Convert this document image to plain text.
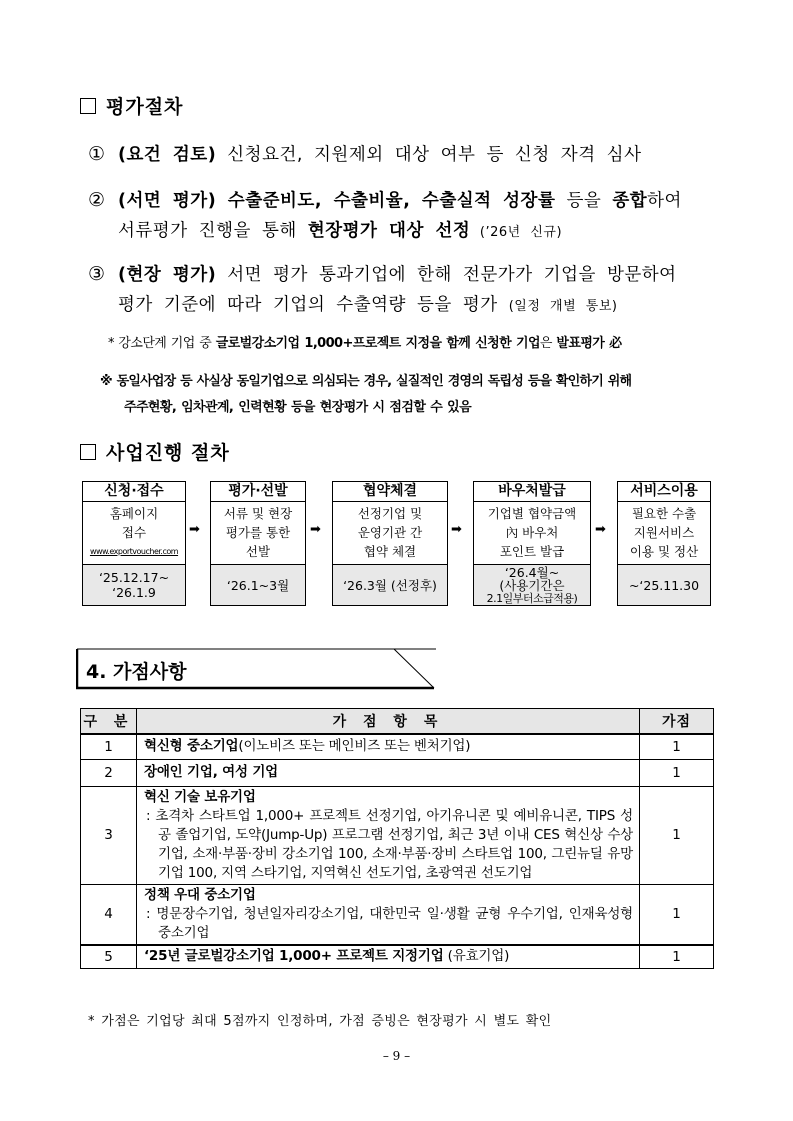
평가절차
① (요건 검토) 신청요건, 지원제외 대상 여부 등 신청 자격 심사
② (서면 평가) 수출준비도, 수출비율, 수출실적 성장률 등을 종합하여
서류평가 진행을 통해 현장평가 대상 선정 (’26년 신규)
③ (현장 평가) 서면 평가 통과기업에 한해 전문가가 기업을 방문하여
평가 기준에 따라 기업의 수출역량 등을 평가 (일정 개별 통보)
* 강소단계 기업 중 글로벌강소기업 1,000+프로젝트 지정을 함께 신청한 기업은 발표평가 必
※ 동일사업장 등 사실상 동일기업으로 의심되는 경우, 실질적인 경영의 독립성 등을 확인하기 위해
주주현황, 임차관계, 인력현황 등을 현장평가 시 점검할 수 있음
사업진행 절차
신청·접수
홈페이지
접수
www.exportvoucher.com
‘25.12.17~
‘26.1.9
➡
평가·선발
서류 및 현장
평가를 통한
선발
‘26.1~3월
➡
협약체결
선정기업 및
운영기관 간
협약 체결
‘26.3월 (선정후)
➡
바우처발급
기업별 협약금액
內 바우처
포인트 발급
‘26.4월~
(사용기간은
2.1일부터소급적용)
➡
서비스이용
필요한 수출
지원서비스
이용 및 정산
~‘25.11.30
4. 가점사항
구 분	가 점 항 목	가점
1	혁신형 중소기업(이노비즈 또는 메인비즈 또는 벤처기업)	1
2	장애인 기업, 여성 기업	1
3	혁신 기술 보유기업
: 초격차 스타트업 1,000+ 프로젝트 선정기업, 아기유니콘 및 예비유니콘, TIPS 성공 졸업기업, 도약(Jump-Up) 프로그램 선정기업, 최근 3년 이내 CES 혁신상 수상기업, 소재·부품·장비 강소기업 100, 소재·부품·장비 스타트업 100, 그린뉴딜 유망기업 100, 지역 스타기업, 지역혁신 선도기업, 초광역권 선도기업	1
4	정책 우대 중소기업
: 명문장수기업, 청년일자리강소기업, 대한민국 일·생활 균형 우수기업, 인재육성형 중소기업	1
5	‘25년 글로벌강소기업 1,000+ 프로젝트 지정기업 (유효기업)	1
* 가점은 기업당 최대 5점까지 인정하며, 가점 증빙은 현장평가 시 별도 확인
– 9 –
